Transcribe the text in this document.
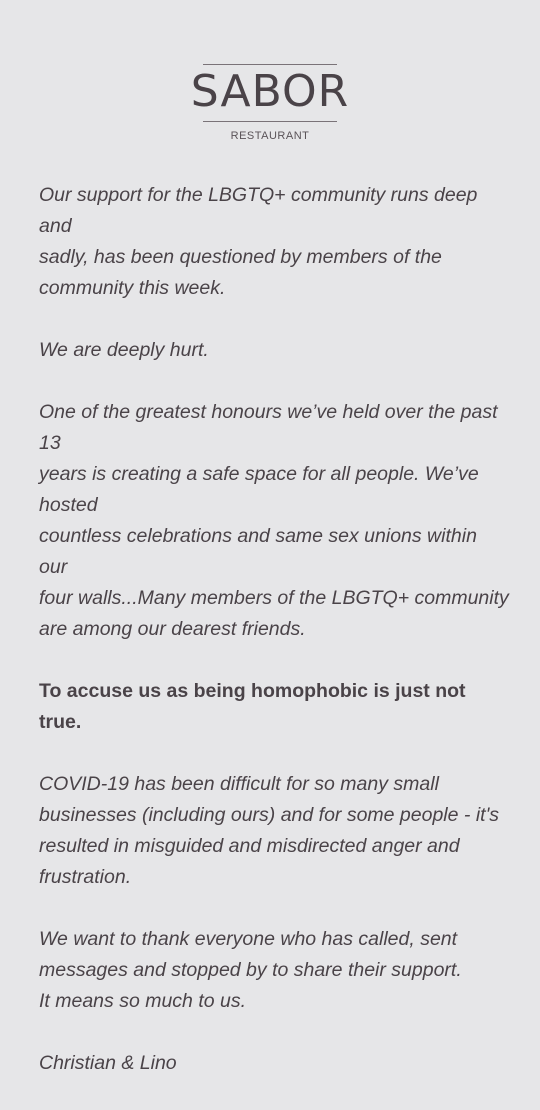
SABOR
RESTAURANT

Our support for the LBGTQ+ community runs deep and
sadly, has been questioned by members of the
community this week.

We are deeply hurt.

One of the greatest honours we’ve held over the past 13
years is creating a safe space for all people. We’ve hosted
countless celebrations and same sex unions within our
four walls...Many members of the LBGTQ+ community
are among our dearest friends.

To accuse us as being homophobic is just not true.

COVID-19 has been difficult for so many small
businesses (including ours) and for some people - it's
resulted in misguided and misdirected anger and
frustration.

We want to thank everyone who has called, sent
messages and stopped by to share their support.
It means so much to us.

Christian & Lino
